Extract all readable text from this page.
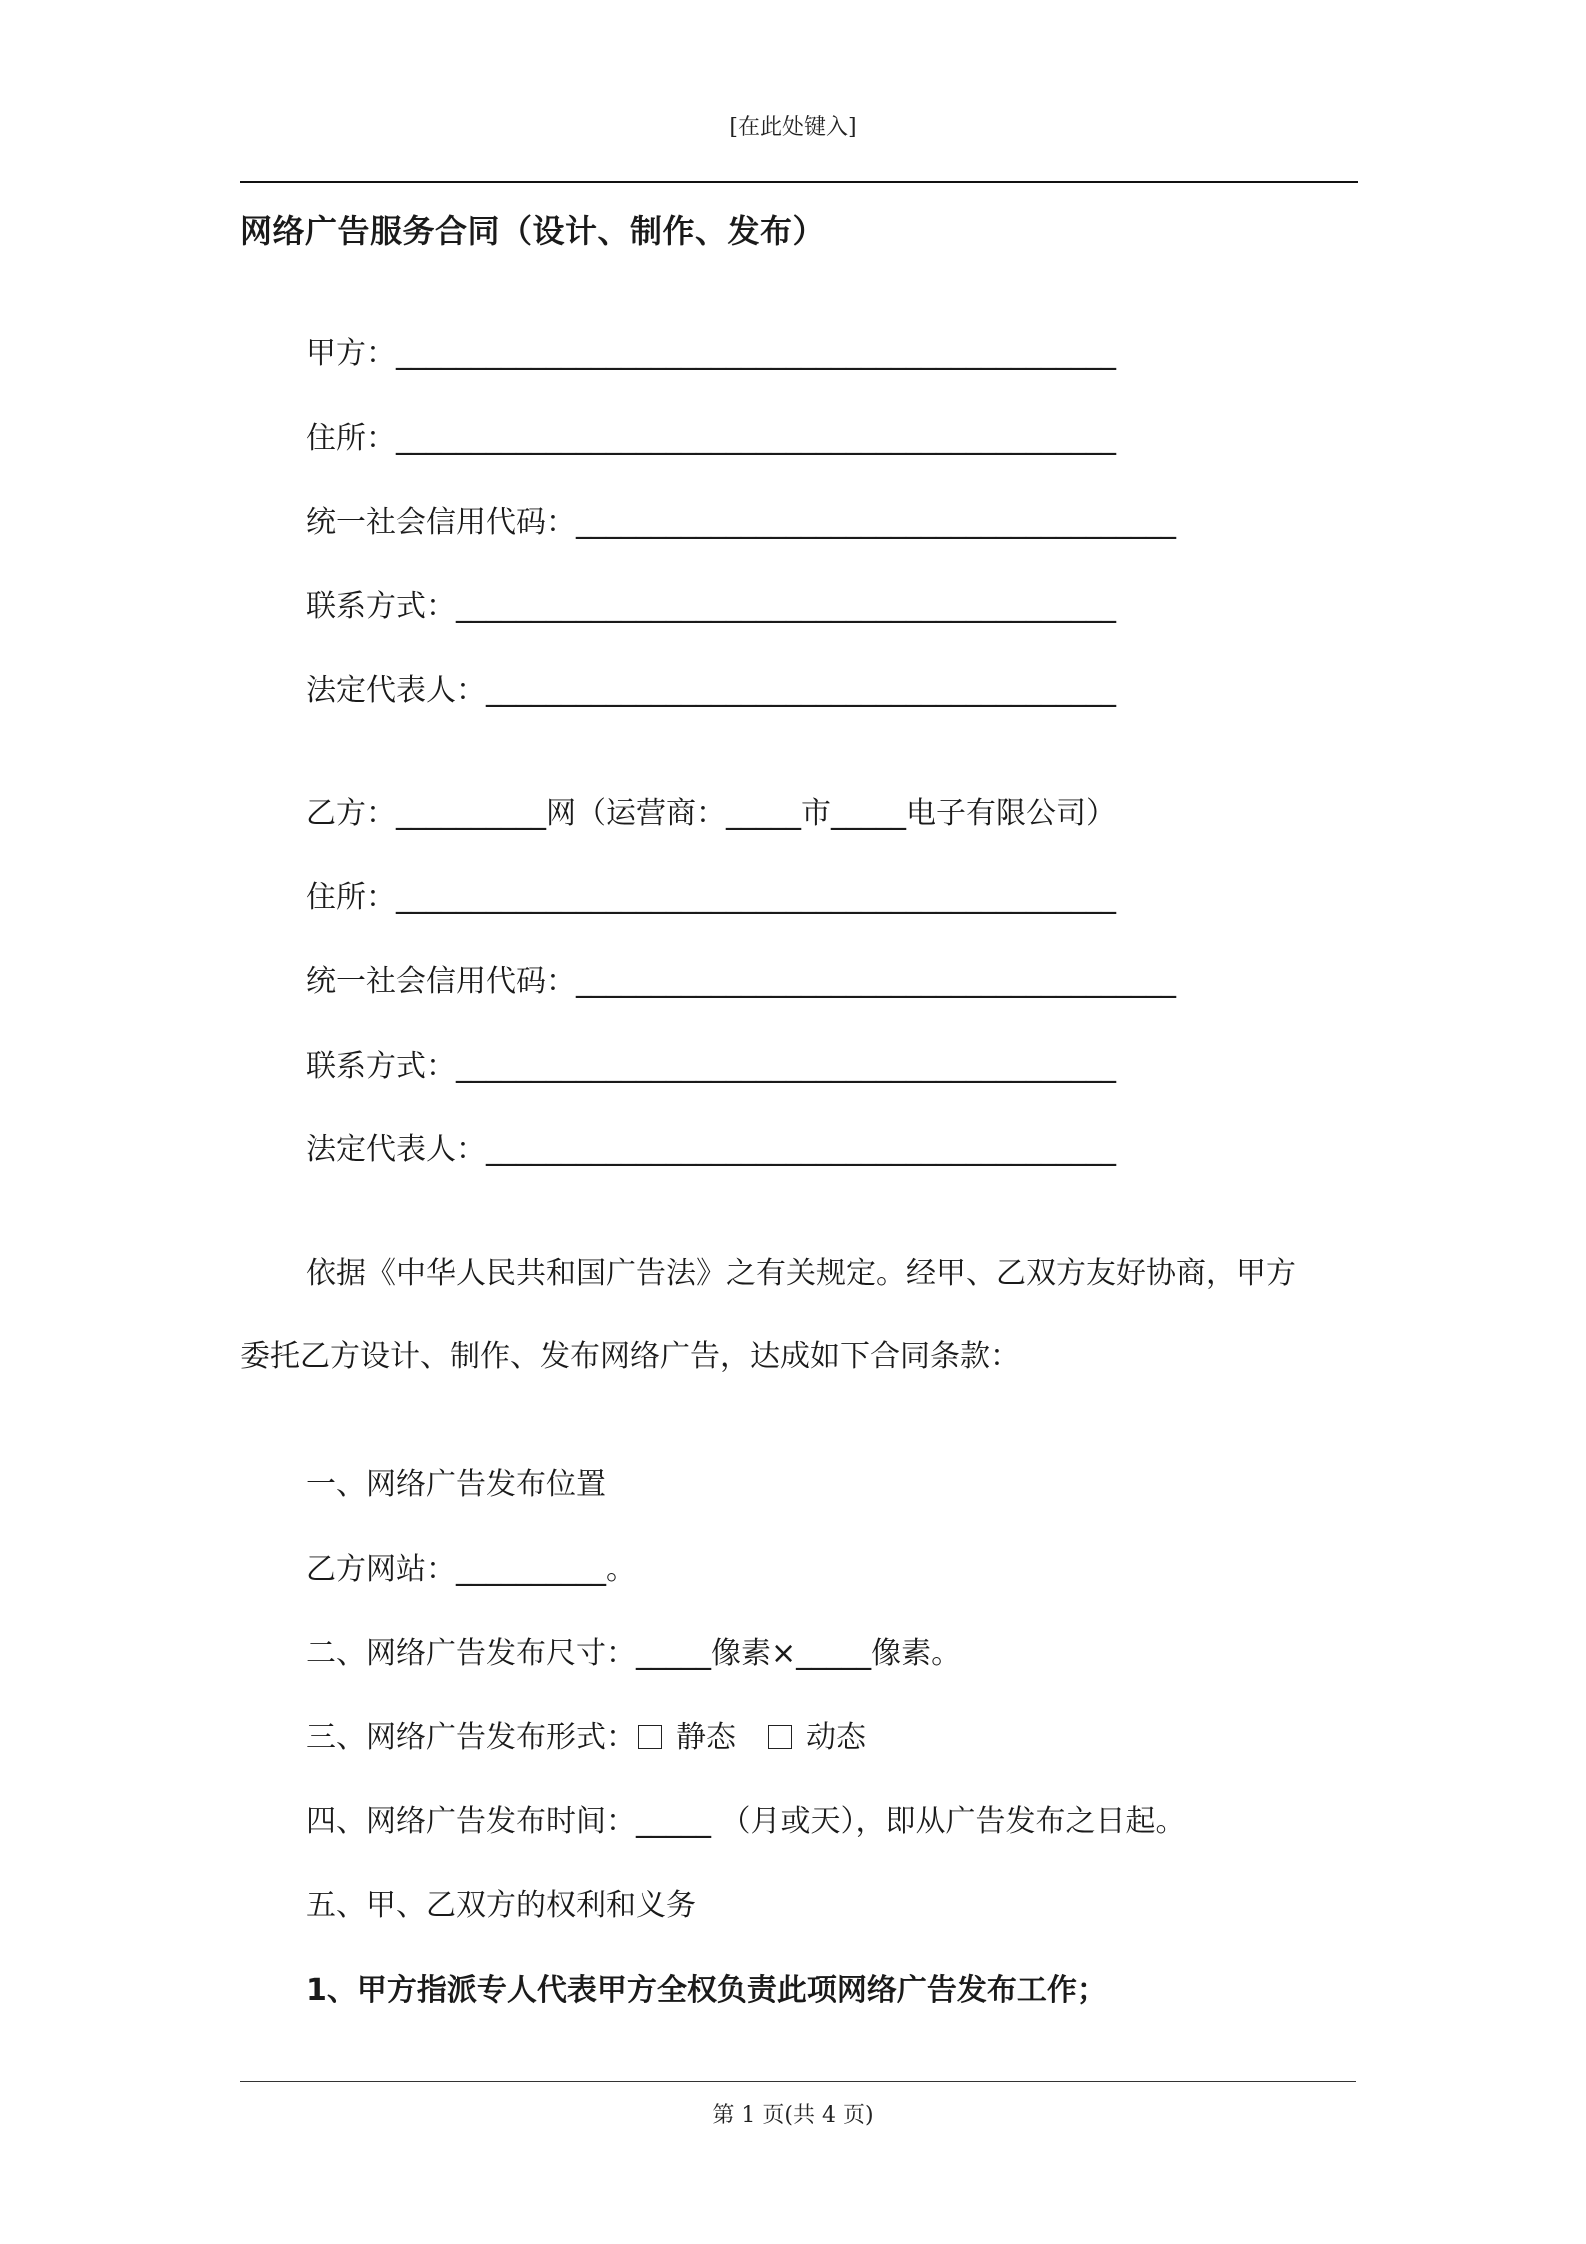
[在此处键入]
网络广告服务合同（设计、制作、发布）
甲方：________________________________________________
住所：________________________________________________
统一社会信用代码：________________________________________
联系方式：____________________________________________
法定代表人：__________________________________________
乙方：__________网（运营商：_____市_____电子有限公司）
住所：________________________________________________
统一社会信用代码：________________________________________
联系方式：____________________________________________
法定代表人：__________________________________________
依据《中华人民共和国广告法》之有关规定。经甲、乙双方友好协商，甲方
委托乙方设计、制作、发布网络广告，达成如下合同条款：
一、网络广告发布位置
乙方网站：__________。
二、网络广告发布尺寸：_____像素×_____像素。
三、网络广告发布形式： 静态 动态
四、网络广告发布时间：_____ （月或天），即从广告发布之日起。
五、甲、乙双方的权利和义务
1、甲方指派专人代表甲方全权负责此项网络广告发布工作；
第 1 页(共 4 页)
